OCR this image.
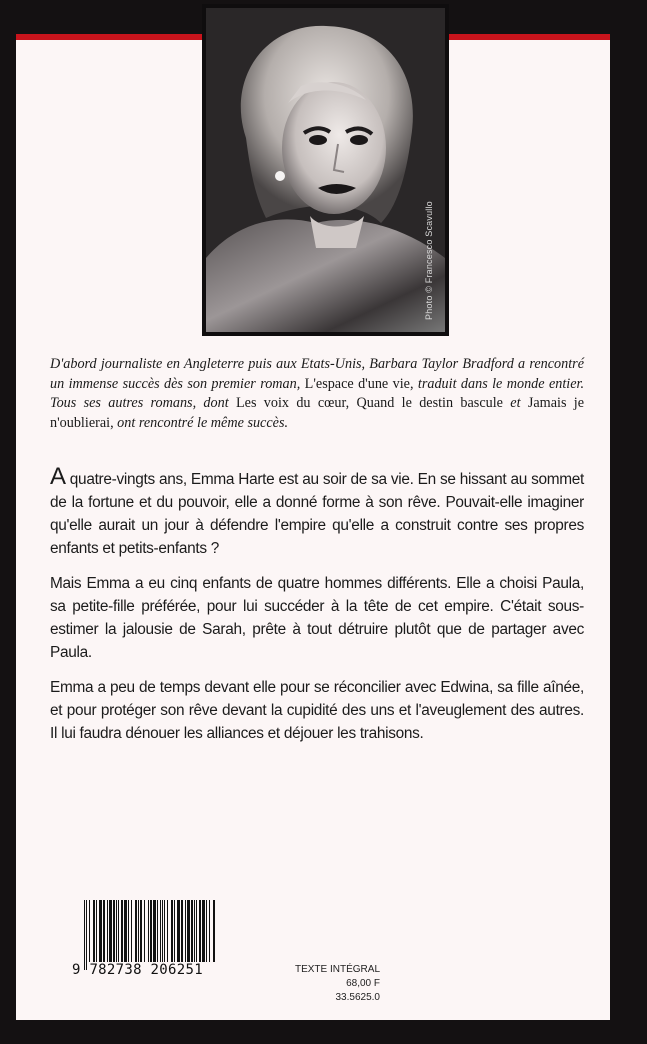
Photo © Francesco Scavullo
D'abord journaliste en Angleterre puis aux Etats-Unis, Barbara Taylor Bradford a rencontré un immense succès dès son premier roman, L'espace d'une vie, traduit dans le monde entier. Tous ses autres romans, dont Les voix du cœur, Quand le destin bascule et Jamais je n'oublierai, ont rencontré le même succès.

A quatre-vingts ans, Emma Harte est au soir de sa vie. En se hissant au sommet de la fortune et du pouvoir, elle a donné forme à son rêve. Pouvait-elle imaginer qu'elle aurait un jour à défendre l'empire qu'elle a construit contre ses propres enfants et petits-enfants ?

Mais Emma a eu cinq enfants de quatre hommes différents. Elle a choisi Paula, sa petite-fille préférée, pour lui succéder à la tête de cet empire. C'était sous-estimer la jalousie de Sarah, prête à tout détruire plutôt que de partager avec Paula.

Emma a peu de temps devant elle pour se réconcilier avec Edwina, sa fille aînée, et pour protéger son rêve devant la cupidité des uns et l'aveuglement des autres. Il lui faudra dénouer les alliances et déjouer les trahisons.

9 782738 206251	TEXTE INTÉGRAL
68,00 F
33.5625.0
